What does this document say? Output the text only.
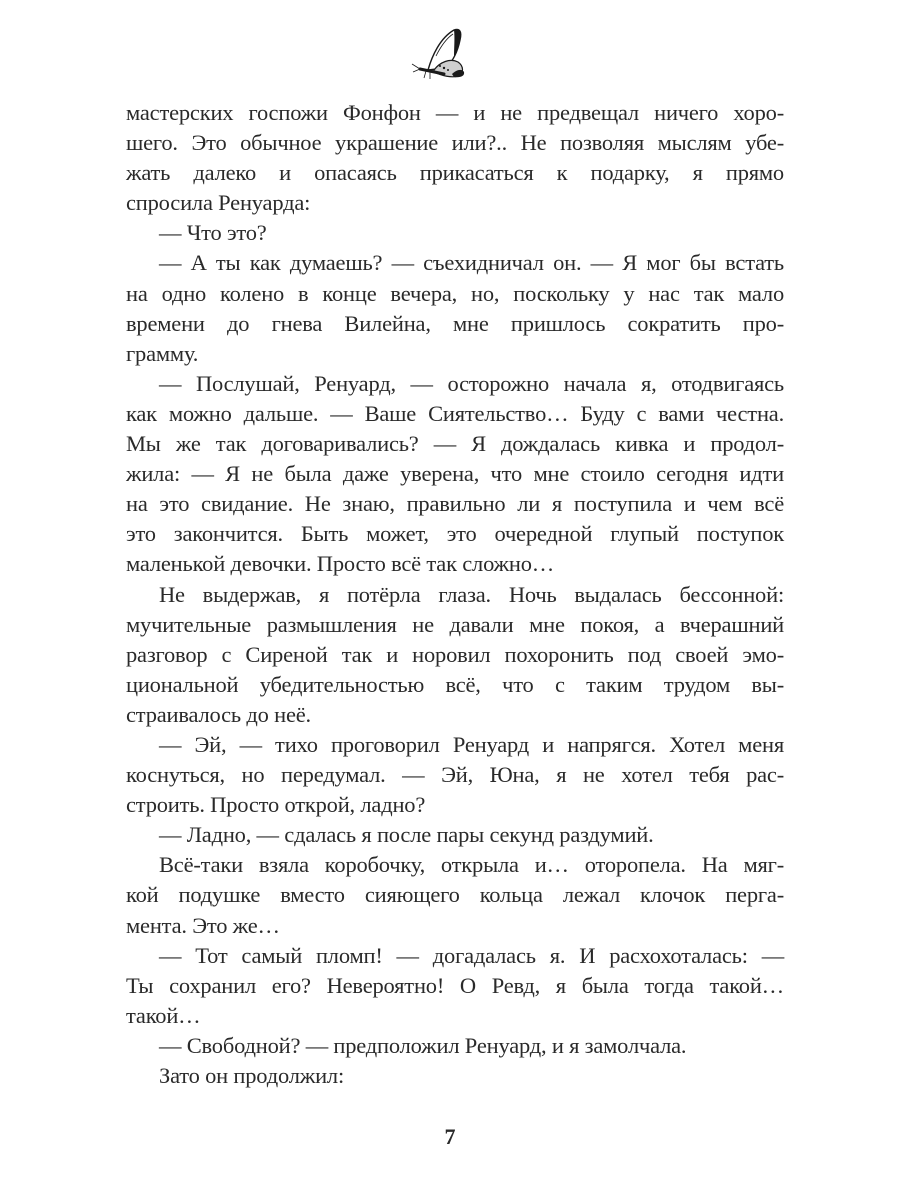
мастерских госпожи Фонфон — и не предвещал ничего хоро-
шего. Это обычное украшение или?.. Не позволяя мыслям убе-
жать далеко и опасаясь прикасаться к подарку, я прямо
спросила Ренуарда:
— Что это?
— А ты как думаешь? — съехидничал он. — Я мог бы встать
на одно колено в конце вечера, но, поскольку у нас так мало
времени до гнева Вилейна, мне пришлось сократить про-
грамму.
— Послушай, Ренуард, — осторожно начала я, отодвигаясь
как можно дальше. — Ваше Сиятельство… Буду с вами честна.
Мы же так договаривались? — Я дождалась кивка и продол-
жила: — Я не была даже уверена, что мне стоило сегодня идти
на это свидание. Не знаю, правильно ли я поступила и чем всё
это закончится. Быть может, это очередной глупый поступок
маленькой девочки. Просто всё так сложно…
Не выдержав, я потёрла глаза. Ночь выдалась бессонной:
мучительные размышления не давали мне покоя, а вчерашний
разговор с Сиреной так и норовил похоронить под своей эмо-
циональной убедительностью всё, что с таким трудом вы-
страивалось до неё.
— Эй, — тихо проговорил Ренуард и напрягся. Хотел меня
коснуться, но передумал. — Эй, Юна, я не хотел тебя рас-
строить. Просто открой, ладно?
— Ладно, — сдалась я после пары секунд раздумий.
Всё-таки взяла коробочку, открыла и… оторопела. На мяг-
кой подушке вместо сияющего кольца лежал клочок перга-
мента. Это же…
— Тот самый пломп! — догадалась я. И расхохоталась: —
Ты сохранил его? Невероятно! О Ревд, я была тогда такой…
такой…
— Свободной? — предположил Ренуард, и я замолчала.
Зато он продолжил:
7
